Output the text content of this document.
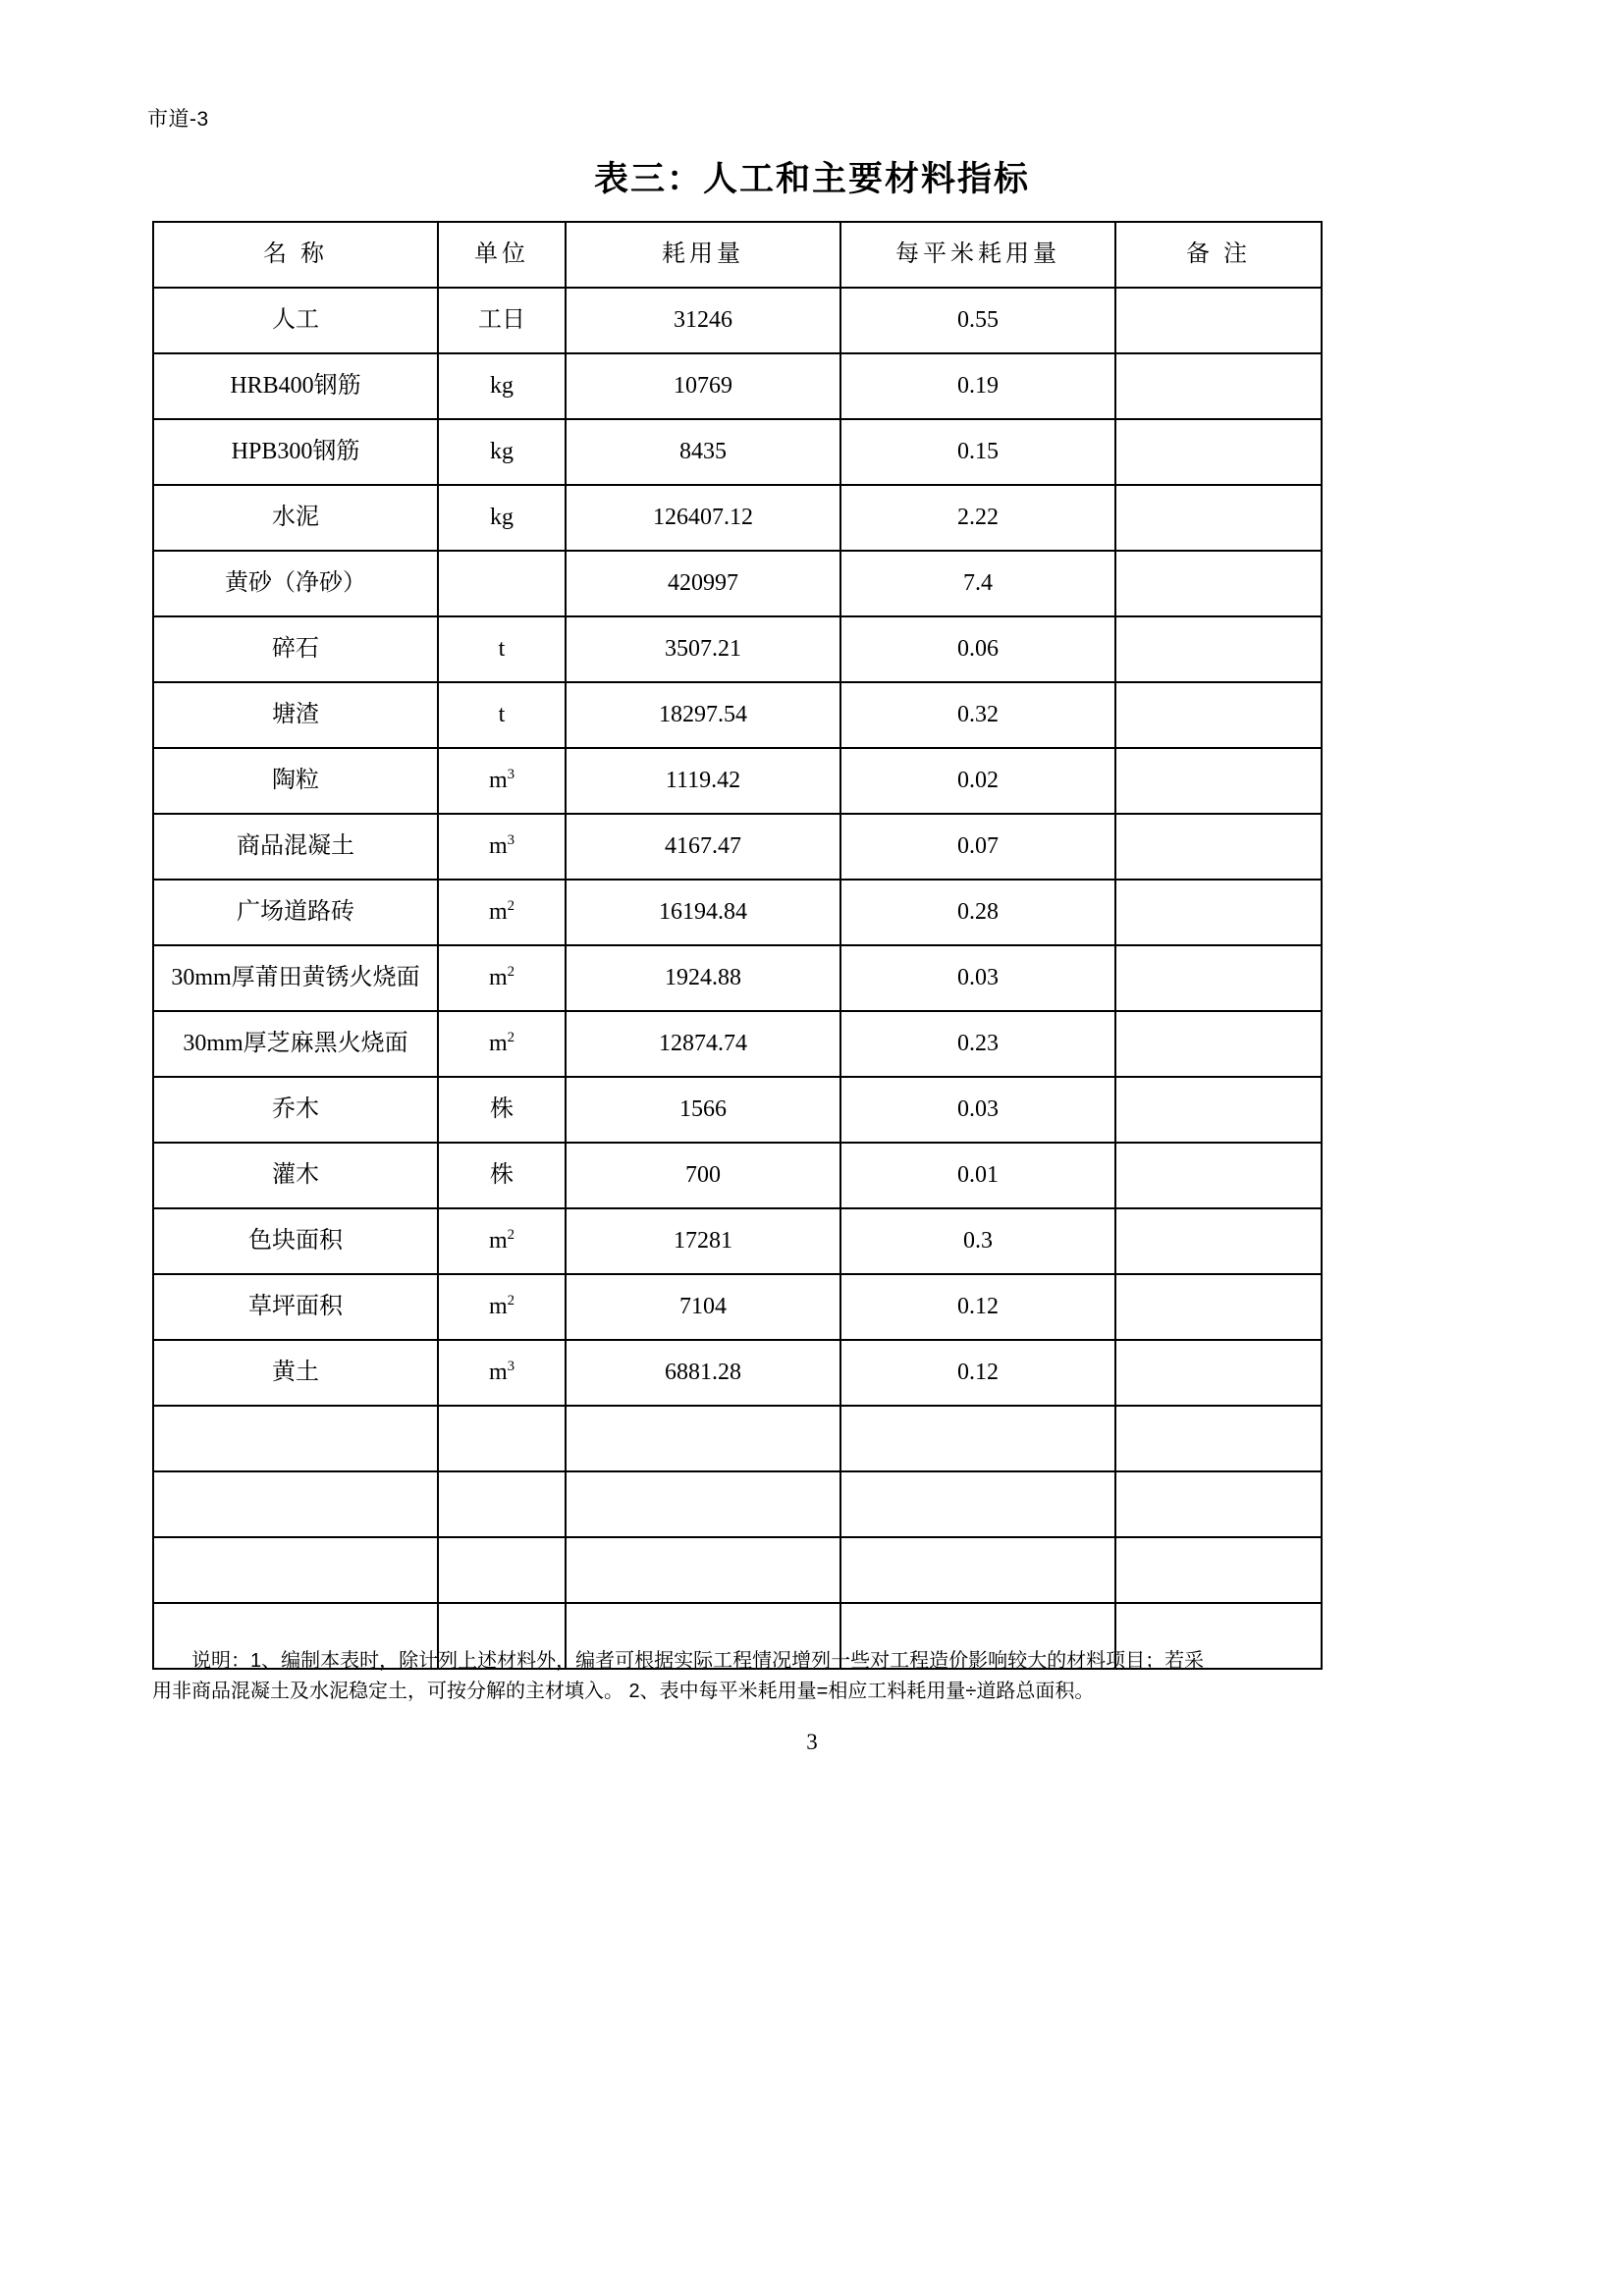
市道-3
表三：人工和主要材料指标
名 称	单位	耗用量	每平米耗用量	备 注
人工	工日	31246	0.55	
HRB400钢筋	kg	10769	0.19	
HPB300钢筋	kg	8435	0.15	
水泥	kg	126407.12	2.22	
黄砂（净砂）		420997	7.4	
碎石	t	3507.21	0.06	
塘渣	t	18297.54	0.32	
陶粒	$m^3$	1119.42	0.02	
商品混凝土	$m^3$	4167.47	0.07	
广场道路砖	$m^2$	16194.84	0.28	
30mm厚莆田黄锈火烧面	$m^2$	1924.88	0.03	
30mm厚芝麻黑火烧面	$m^2$	12874.74	0.23	
乔木	株	1566	0.03	
灌木	株	700	0.01	
色块面积	$m^2$	17281	0.3	
草坪面积	$m^2$	7104	0.12	
黄土	$m^3$	6881.28	0.12	

说明：1、编制本表时，除计列上述材料外，编者可根据实际工程情况增列一些对工程造价影响较大的材料项目；若采
用非商品混凝土及水泥稳定土，可按分解的主材填入。 2、表中每平米耗用量=相应工料耗用量÷道路总面积。
3
